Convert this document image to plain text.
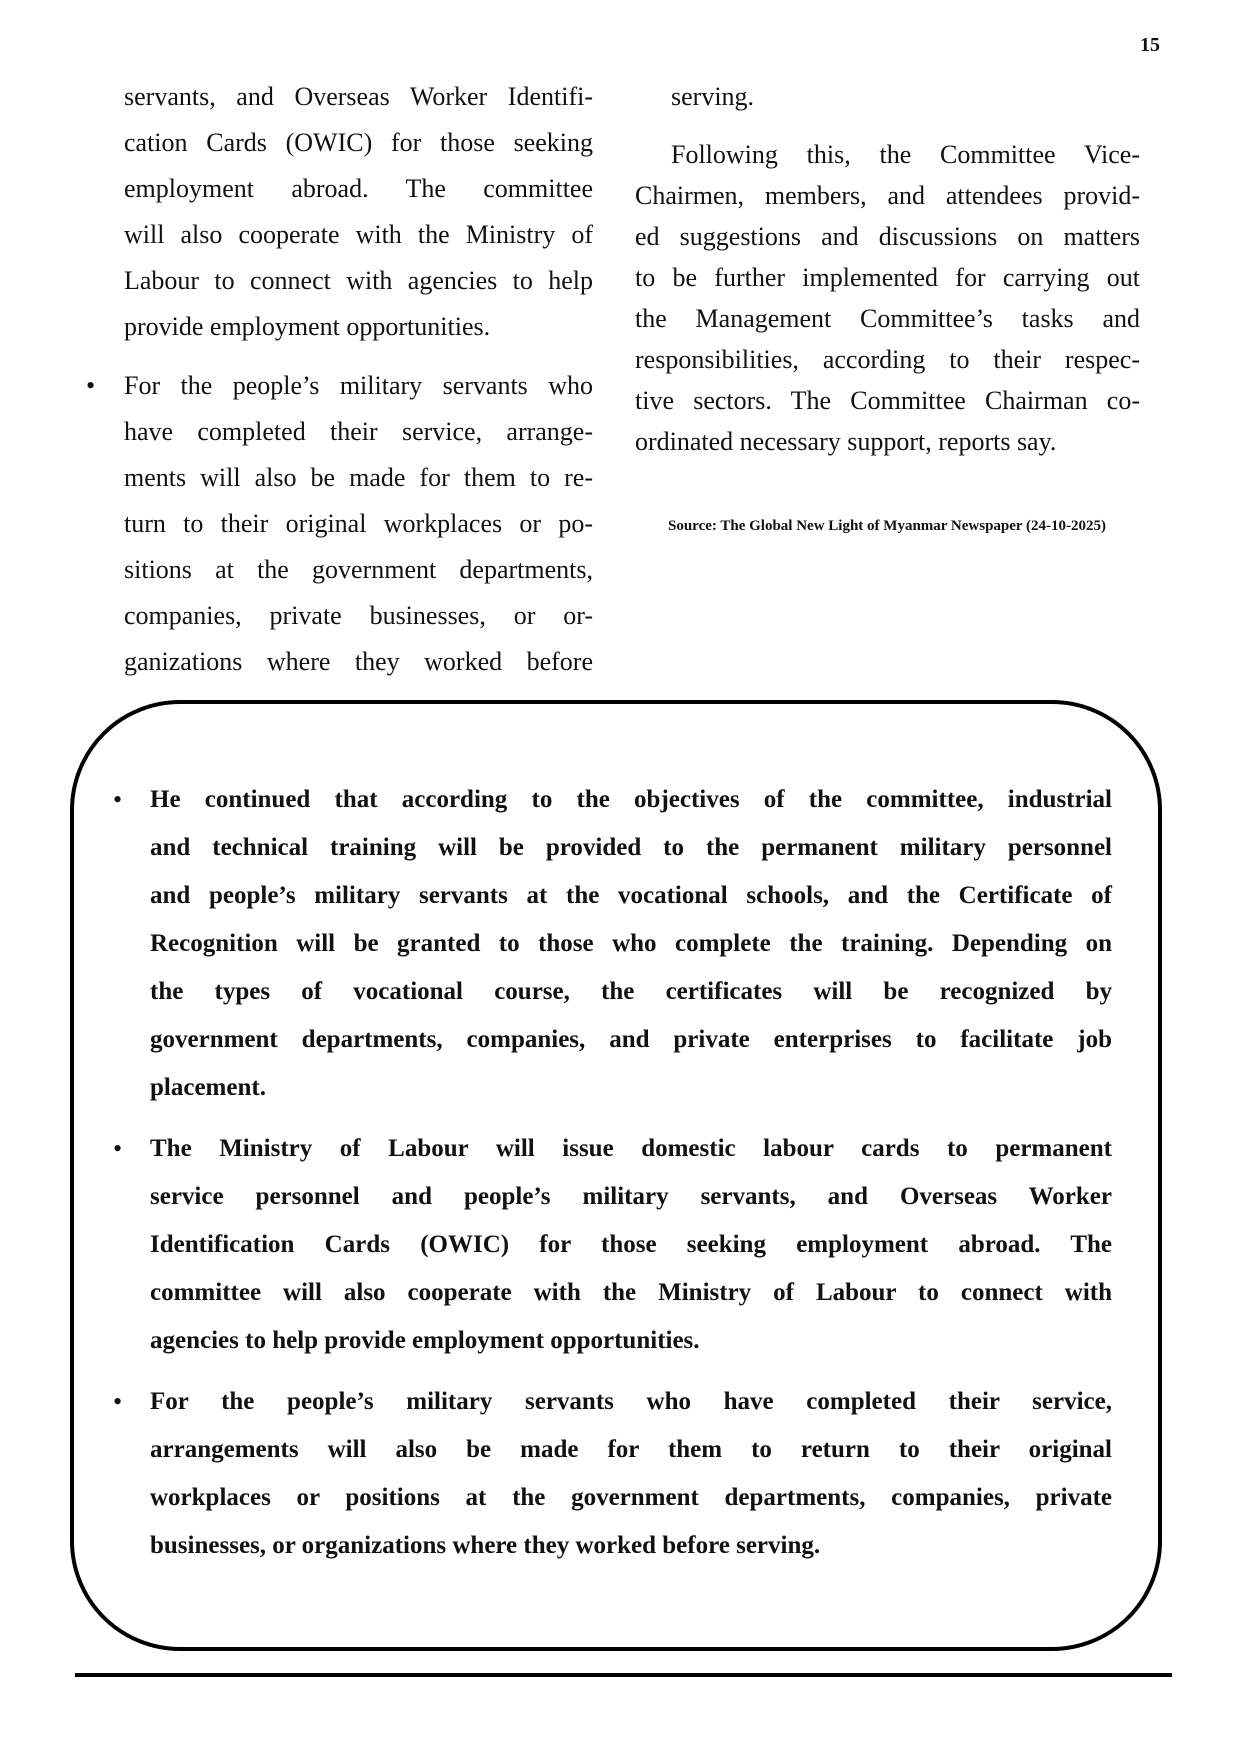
15
servants, and Overseas Worker Identifi-
cation Cards (OWIC) for those seeking
employment abroad. The committee
will also cooperate with the Ministry of
Labour to connect with agencies to help
provide employment opportunities.
• For the people’s military servants who
have completed their service, arrange-
ments will also be made for them to re-
turn to their original workplaces or po-
sitions at the government departments,
companies, private businesses, or or-
ganizations where they worked before
serving.
Following this, the Committee Vice-
Chairmen, members, and attendees provid-
ed suggestions and discussions on matters
to be further implemented for carrying out
the Management Committee’s tasks and
responsibilities, according to their respec-
tive sectors. The Committee Chairman co-
ordinated necessary support, reports say.
Source: The Global New Light of Myanmar Newspaper (24-10-2025)
• He continued that according to the objectives of the committee, industrial
and technical training will be provided to the permanent military personnel
and people’s military servants at the vocational schools, and the Certificate of
Recognition will be granted to those who complete the training. Depending on
the types of vocational course, the certificates will be recognized by
government departments, companies, and private enterprises to facilitate job
placement.
• The Ministry of Labour will issue domestic labour cards to permanent
service personnel and people’s military servants, and Overseas Worker
Identification Cards (OWIC) for those seeking employment abroad. The
committee will also cooperate with the Ministry of Labour to connect with
agencies to help provide employment opportunities.
• For the people’s military servants who have completed their service,
arrangements will also be made for them to return to their original
workplaces or positions at the government departments, companies, private
businesses, or organizations where they worked before serving.
